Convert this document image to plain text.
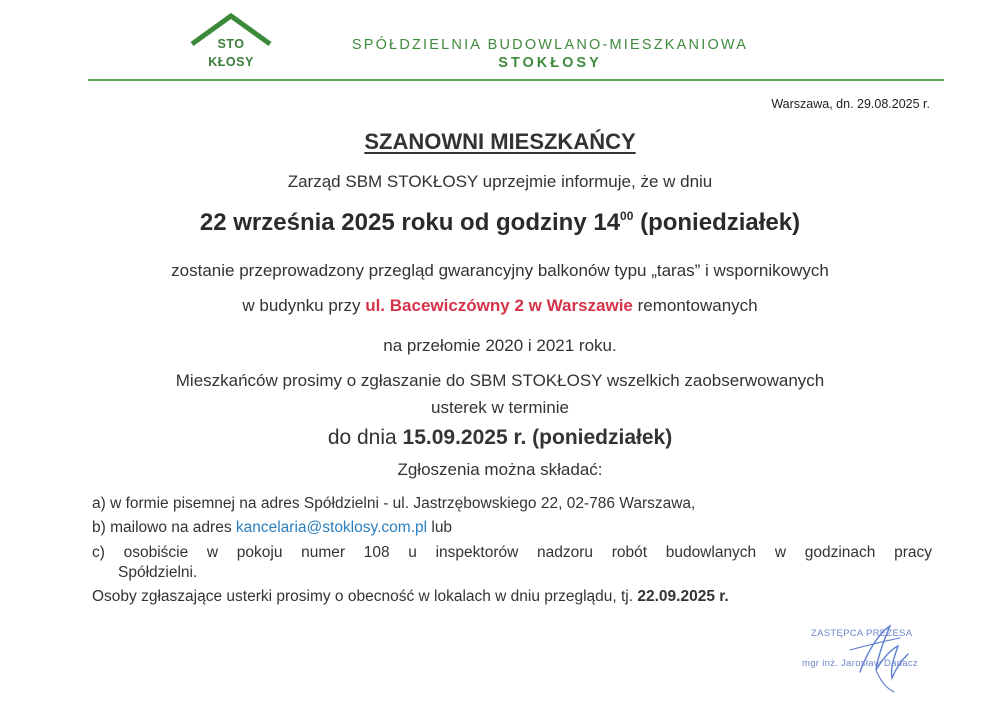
STO
KŁOSY
SPÓŁDZIELNIA BUDOWLANO-MIESZKANIOWA
STOKŁOSY
Warszawa, dn. 29.08.2025 r.
SZANOWNI MIESZKAŃCY
Zarząd SBM STOKŁOSY uprzejmie informuje, że w dniu
22 września 2025 roku od godziny $14^{00}$ (poniedziałek)
zostanie przeprowadzony przegląd gwarancyjny balkonów typu „taras” i wspornikowych
w budynku przy ul. Bacewiczówny 2 w Warszawie remontowanych
na przełomie 2020 i 2021 roku.
Mieszkańców prosimy o zgłaszanie do SBM STOKŁOSY wszelkich zaobserwowanych
usterek w terminie
do dnia 15.09.2025 r. (poniedziałek)
Zgłoszenia można składać:
a) w formie pisemnej na adres Spółdzielni - ul. Jastrzębowskiego 22, 02-786 Warszawa,
b) mailowo na adres kancelaria@stoklosy.com.pl lub
c) osobiście w pokoju numer 108 u inspektorów nadzoru robót budowlanych w godzinach pracy
Spółdzielni.
Osoby zgłaszające usterki prosimy o obecność w lokalach w dniu przeglądu, tj. 22.09.2025 r.
ZASTĘPCA PREZESA
mgr inż. Jarosław Dadacz
